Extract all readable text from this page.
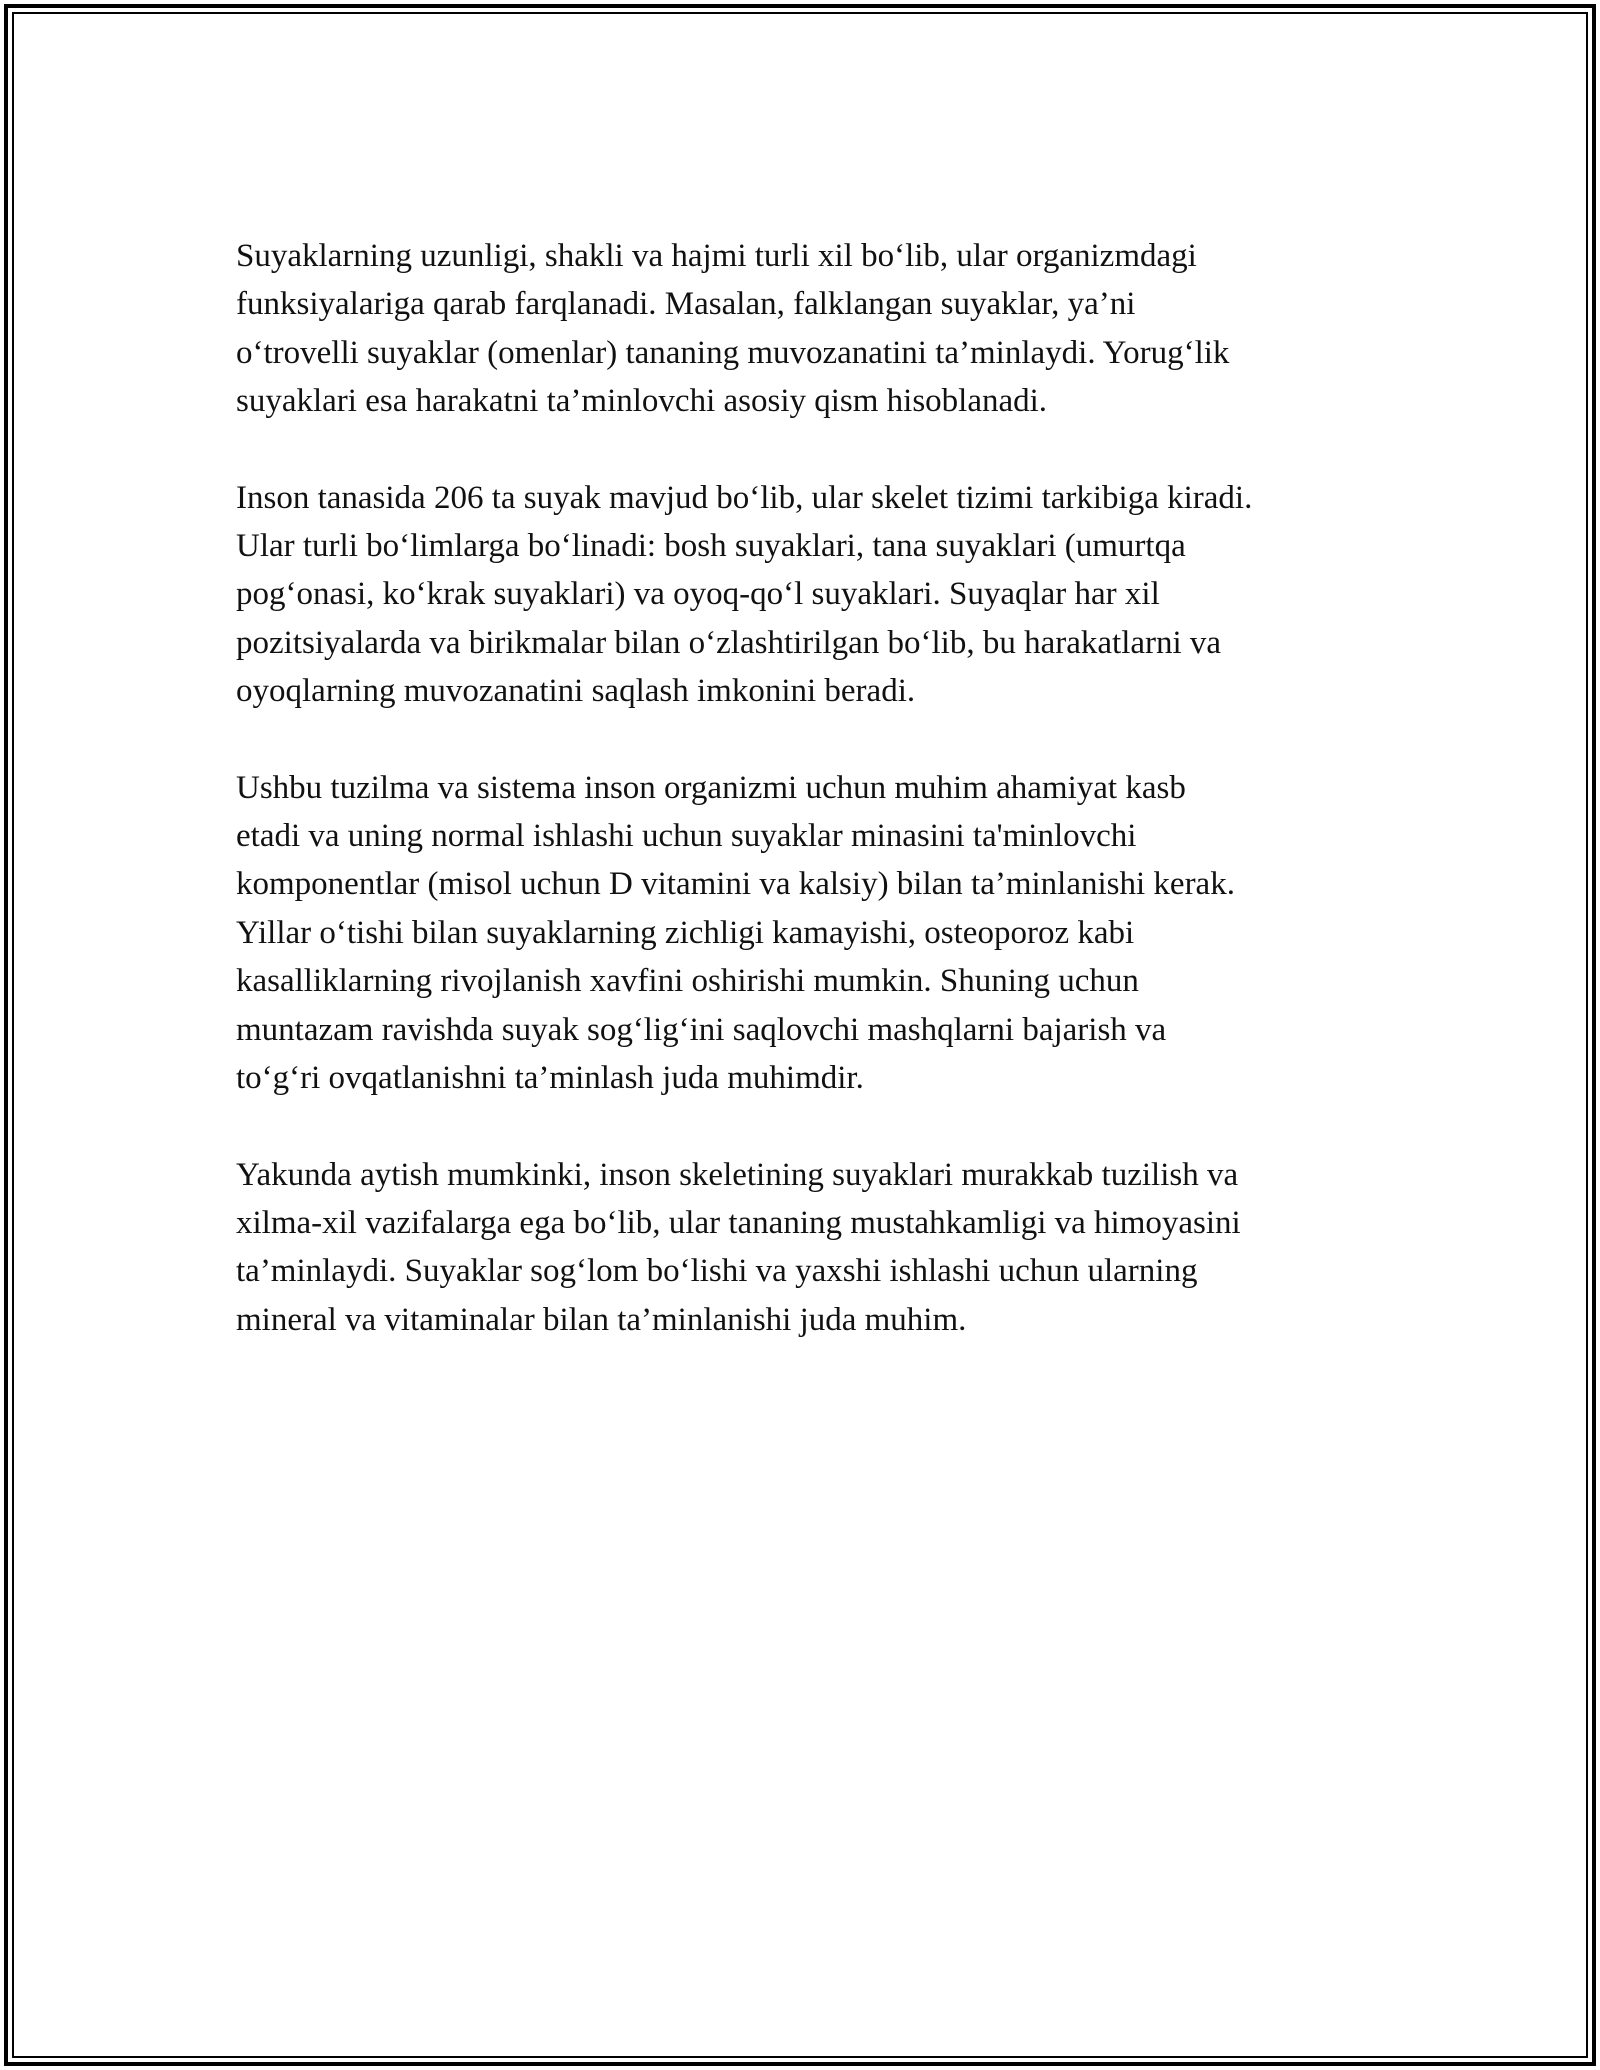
Suyaklarning uzunligi, shakli va hajmi turli xil bo‘lib, ular organizmdagi
funksiyalariga qarab farqlanadi. Masalan, falklangan suyaklar, ya’ni
o‘trovelli suyaklar (omenlar) tananing muvozanatini ta’minlaydi. Yorug‘lik
suyaklari esa harakatni ta’minlovchi asosiy qism hisoblanadi.

Inson tanasida 206 ta suyak mavjud bo‘lib, ular skelet tizimi tarkibiga kiradi.
Ular turli bo‘limlarga bo‘linadi: bosh suyaklari, tana suyaklari (umurtqa
pog‘onasi, ko‘krak suyaklari) va oyoq-qo‘l suyaklari. Suyaqlar har xil
pozitsiyalarda va birikmalar bilan o‘zlashtirilgan bo‘lib, bu harakatlarni va
oyoqlarning muvozanatini saqlash imkonini beradi.

Ushbu tuzilma va sistema inson organizmi uchun muhim ahamiyat kasb
etadi va uning normal ishlashi uchun suyaklar minasini ta'minlovchi
komponentlar (misol uchun D vitamini va kalsiy) bilan ta’minlanishi kerak.
Yillar o‘tishi bilan suyaklarning zichligi kamayishi, osteoporoz kabi
kasalliklarning rivojlanish xavfini oshirishi mumkin. Shuning uchun
muntazam ravishda suyak sog‘lig‘ini saqlovchi mashqlarni bajarish va
to‘g‘ri ovqatlanishni ta’minlash juda muhimdir.

Yakunda aytish mumkinki, inson skeletining suyaklari murakkab tuzilish va
xilma-xil vazifalarga ega bo‘lib, ular tananing mustahkamligi va himoyasini
ta’minlaydi. Suyaklar sog‘lom bo‘lishi va yaxshi ishlashi uchun ularning
mineral va vitaminalar bilan ta’minlanishi juda muhim.
